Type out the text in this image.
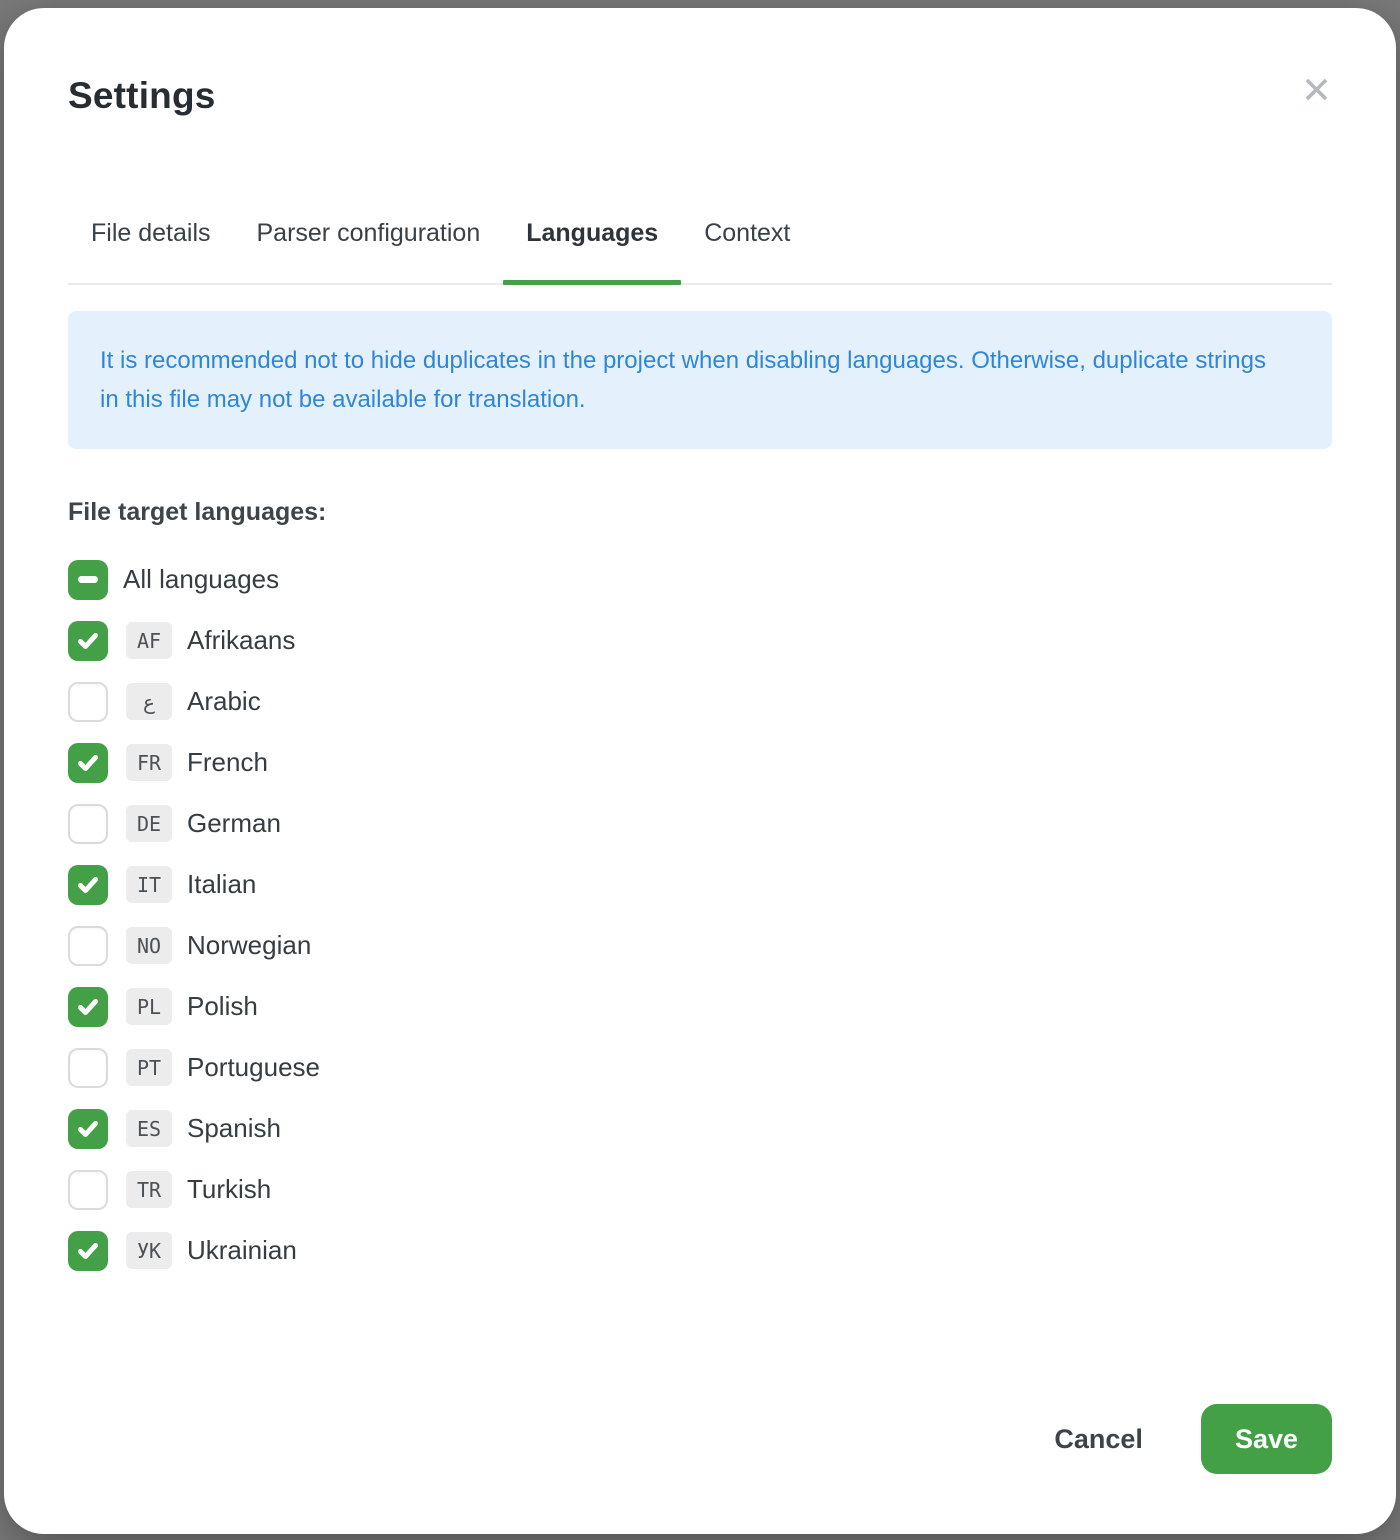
Settings	✕
File details	Parser configuration	Languages	Context

It is recommended not to hide duplicates in the project when disabling languages. Otherwise, duplicate strings in this file may not be available for translation.

File target languages:
All languages
AF Afrikaans
ع	Arabic
FR French
DE German
IT Italian
NO Norwegian
PL Polish
PT Portuguese
ES Spanish
TR Turkish
УК Ukrainian
Cancel	Save
